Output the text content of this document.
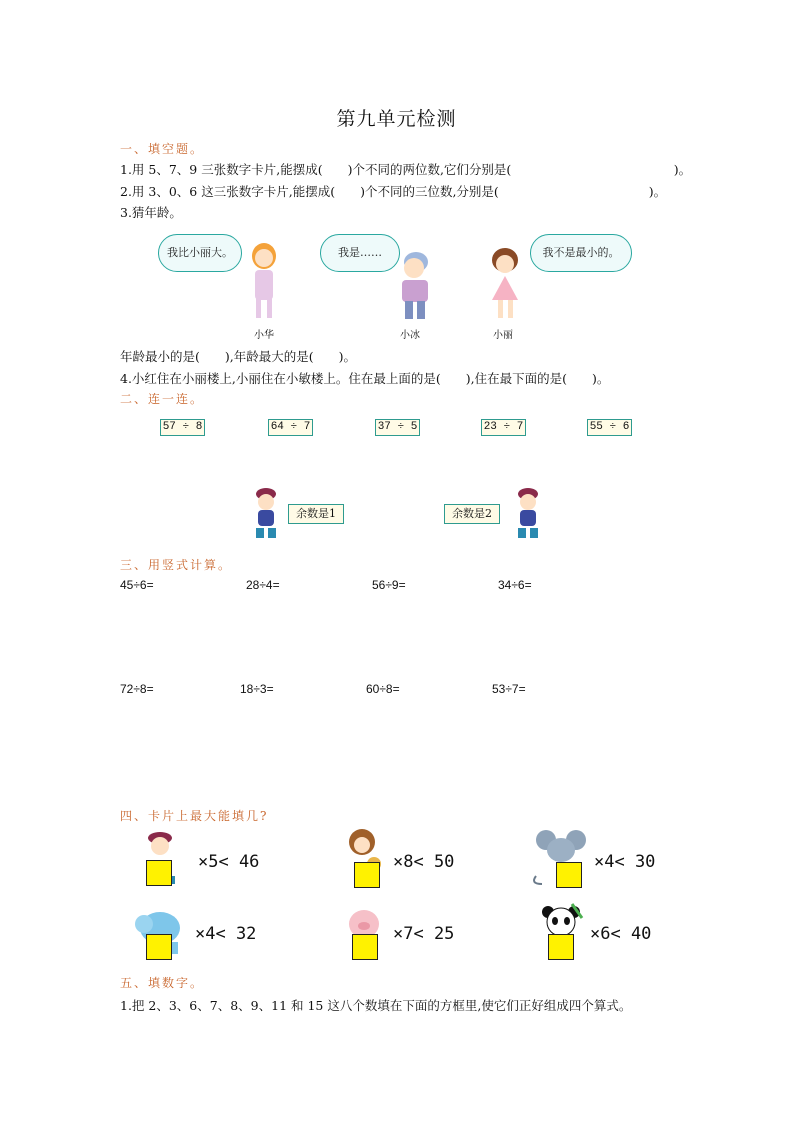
第九单元检测
一、填空题。
1.用 5、7、9 三张数字卡片,能摆成(　　)个不同的两位数,它们分别是(　　　　　　　　　　　　　)。
2.用 3、0、6 这三张数字卡片,能摆成(　　)个不同的三位数,分别是(　　　　　　　　　　　　)。
3.猜年龄。
我比小丽大。	我是……	我不是最小的。
小华	小冰	小丽
年龄最小的是(　　),年龄最大的是(　　)。
4.小红住在小丽楼上,小丽住在小敏楼上。住在最上面的是(　　),住在最下面的是(　　)。
二、连一连。
57 ÷ 8	64 ÷ 7	37 ÷ 5	23 ÷ 7	55 ÷ 6
余数是1	余数是2
三、用竖式计算。
45÷6=	28÷4=	56÷9=	34÷6=
72÷8=	18÷3=	60÷8=	53÷7=
四、卡片上最大能填几?
×5< 46	×8< 50	×4< 30
×4< 32	×7< 25	×6< 40
五、填数字。
1.把 2、3、6、7、8、9、11 和 15 这八个数填在下面的方框里,使它们正好组成四个算式。
